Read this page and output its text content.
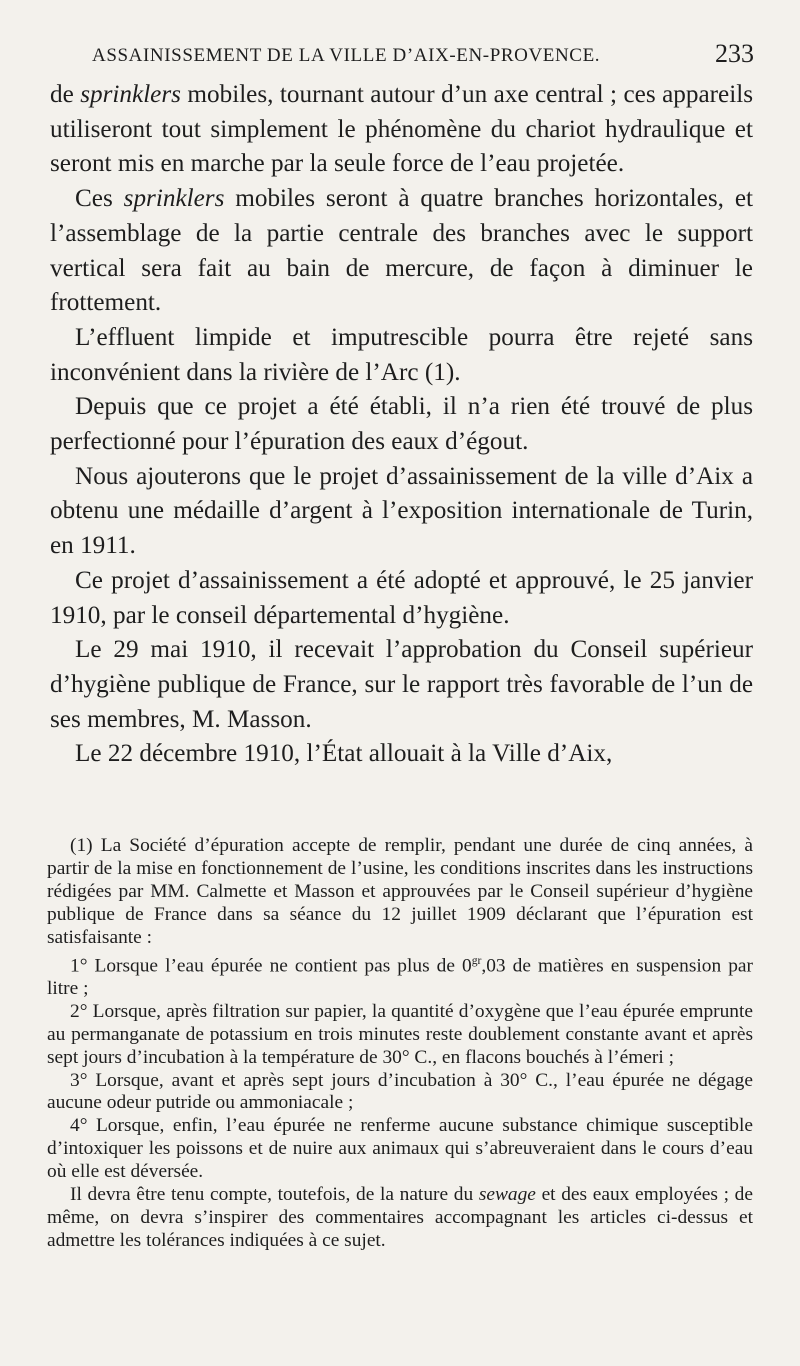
ASSAINISSEMENT DE LA VILLE D’AIX-EN-PROVENCE.	233

de sprinklers mobiles, tournant autour d’un axe central ; ces appareils utiliseront tout simplement le phénomène du chariot hydraulique et seront mis en marche par la seule force de l’eau projetée.

Ces sprinklers mobiles seront à quatre branches horizontales, et l’assemblage de la partie centrale des branches avec le support vertical sera fait au bain de mercure, de façon à diminuer le frottement.

L’effluent limpide et imputrescible pourra être rejeté sans inconvénient dans la rivière de l’Arc (1).

Depuis que ce projet a été établi, il n’a rien été trouvé de plus perfectionné pour l’épuration des eaux d’égout.

Nous ajouterons que le projet d’assainissement de la ville d’Aix a obtenu une médaille d’argent à l’exposition internationale de Turin, en 1911.

Ce projet d’assainissement a été adopté et approuvé, le 25 janvier 1910, par le conseil départemental d’hygiène.

Le 29 mai 1910, il recevait l’approbation du Conseil supérieur d’hygiène publique de France, sur le rapport très favorable de l’un de ses membres, M. Masson.

Le 22 décembre 1910, l’État allouait à la Ville d’Aix,

(1) La Société d’épuration accepte de remplir, pendant une durée de cinq années, à partir de la mise en fonctionnement de l’usine, les conditions inscrites dans les instructions rédigées par MM. Calmette et Masson et approuvées par le Conseil supérieur d’hygiène publique de France dans sa séance du 12 juillet 1909 déclarant que l’épuration est satisfaisante :

1° Lorsque l’eau épurée ne contient pas plus de $0^{gr},03$ de matières en suspension par litre ;

2° Lorsque, après filtration sur papier, la quantité d’oxygène que l’eau épurée emprunte au permanganate de potassium en trois minutes reste doublement constante avant et après sept jours d’incubation à la température de 30° C., en flacons bouchés à l’émeri ;

3° Lorsque, avant et après sept jours d’incubation à 30° C., l’eau épurée ne dégage aucune odeur putride ou ammoniacale ;

4° Lorsque, enfin, l’eau épurée ne renferme aucune substance chimique susceptible d’intoxiquer les poissons et de nuire aux animaux qui s’abreuveraient dans le cours d’eau où elle est déversée.

Il devra être tenu compte, toutefois, de la nature du sewage et des eaux employées ; de même, on devra s’inspirer des commentaires accompagnant les articles ci-dessus et admettre les tolérances indiquées à ce sujet.
